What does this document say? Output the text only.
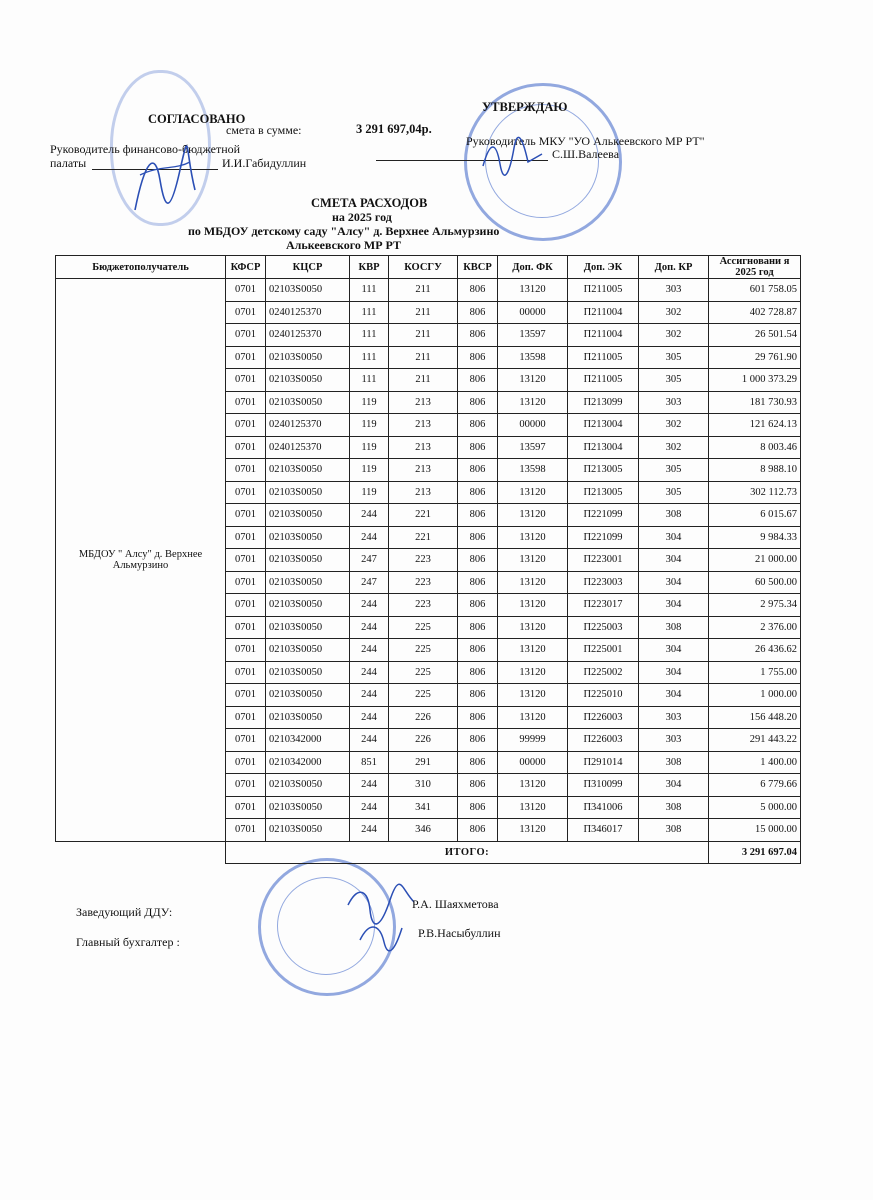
СОГЛАСОВАНО
смета в сумме:	3 291 697,04р.
Руководитель финансово-бюджетной
палаты	И.И.Габидуллин
УТВЕРЖДАЮ
Руководитель МКУ "УО Алькеевского МР РТ"
С.Ш.Валеева
СМЕТА РАСХОДОВ
на 2025 год
по МБДОУ детскому саду "Алсу" д. Верхнее Альмурзино
Алькеевского МР РТ
Бюджетополучатель	КФСР	КЦСР	КВР	КОСГУ	КВСР	Доп. ФК	Доп. ЭК	Доп. КР	Ассигновани я 2025 год
МБДОУ " Алсу" д. Верхнее Альмурзино	0701	02103S0050	111	211	806	13120	П211005	303	601 758.05
	0701	0240125370	111	211	806	00000	П211004	302	402 728.87
	0701	0240125370	111	211	806	13597	П211004	302	26 501.54
	0701	02103S0050	111	211	806	13598	П211005	305	29 761.90
	0701	02103S0050	111	211	806	13120	П211005	305	1 000 373.29
	0701	02103S0050	119	213	806	13120	П213099	303	181 730.93
	0701	0240125370	119	213	806	00000	П213004	302	121 624.13
	0701	0240125370	119	213	806	13597	П213004	302	8 003.46
	0701	02103S0050	119	213	806	13598	П213005	305	8 988.10
	0701	02103S0050	119	213	806	13120	П213005	305	302 112.73
	0701	02103S0050	244	221	806	13120	П221099	308	6 015.67
	0701	02103S0050	244	221	806	13120	П221099	304	9 984.33
	0701	02103S0050	247	223	806	13120	П223001	304	21 000.00
	0701	02103S0050	247	223	806	13120	П223003	304	60 500.00
	0701	02103S0050	244	223	806	13120	П223017	304	2 975.34
	0701	02103S0050	244	225	806	13120	П225003	308	2 376.00
	0701	02103S0050	244	225	806	13120	П225001	304	26 436.62
	0701	02103S0050	244	225	806	13120	П225002	304	1 755.00
	0701	02103S0050	244	225	806	13120	П225010	304	1 000.00
	0701	02103S0050	244	226	806	13120	П226003	303	156 448.20
	0701	0210342000	244	226	806	99999	П226003	303	291 443.22
	0701	0210342000	851	291	806	00000	П291014	308	1 400.00
	0701	02103S0050	244	310	806	13120	П310099	304	6 779.66
	0701	02103S0050	244	341	806	13120	П341006	308	5 000.00
	0701	02103S0050	244	346	806	13120	П346017	308	15 000.00
	ИТОГО:								3 291 697.04
Заведующий ДДУ:
Р.А. Шаяхметова
Главный бухгалтер :
Р.В.Насыбуллин
